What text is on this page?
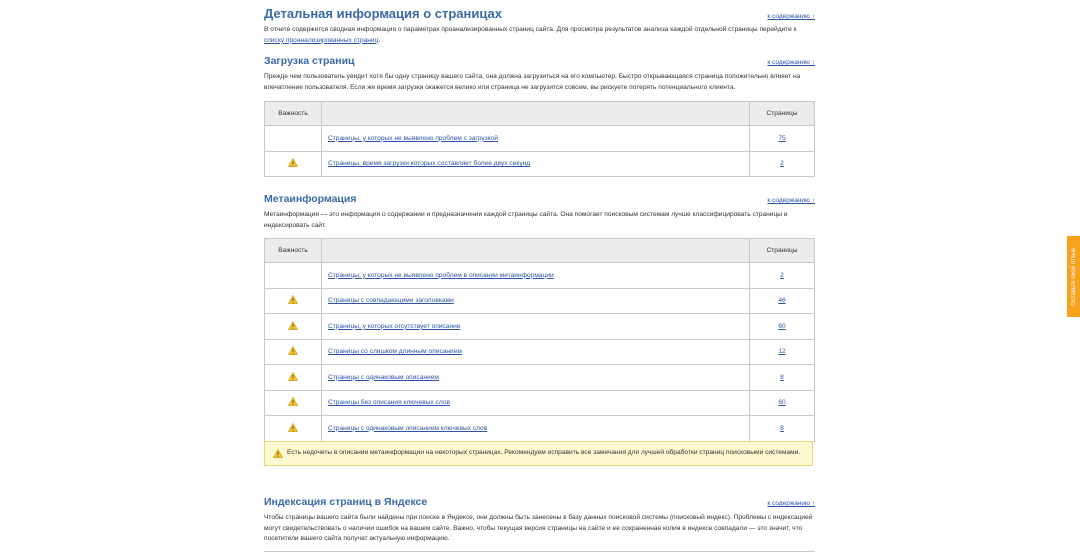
Детальная информация о страницах	к содержанию ↑

В отчете содержится сводная информация о параметрах проанализированных страниц сайта. Для просмотра результатов анализа каждой отдельной страницы перейдите к списку проанализированных страниц.

Загрузка страниц	к содержанию ↑

Прежде чем пользователь увидит хотя бы одну страницу вашего сайта, она должна загрузиться на его компьютер. Быстро открывающаяся страница положительно влияет на впечатление пользователя. Если же время загрузки окажется велико или страница не загрузится совсем, вы рискуете потерять потенциального клиента.

Важность		Страницы
	Страницы, у которых не выявлено проблем с загрузкой	75
	Страницы, время загрузки которых составляет более двух секунд	2
Метаинформация	к содержанию ↑

Метаинформация — это информация о содержании и предназначении каждой страницы сайта. Она помогает поисковым системам лучше классифицировать страницы и индексировать сайт.

Важность		Страницы
	Страницы, у которых не выявлено проблем в описании метаинформации	2
	Страницы с совпадающими заголовками	46
	Страницы, у которых отсутствует описание	60
	Страницы со слишком длинным описанием	12
	Страницы с одинаковым описанием	8
	Страницы без описания ключевых слов	60
	Страницы с одинаковым описанием ключевых слов	8
Есть недочеты в описании метаинформации на некоторых страницах. Рекомендуем исправить все замечания для лучшей обработки страниц поисковыми системами.
Индексация страниц в Яндексе	к содержанию ↑

Чтобы страницы вашего сайта были найдены при поиске в Яндексе, они должны быть занесены в базу данных поисковой системы (поисковый индекс). Проблемы с индексацией могут свидетельствовать о наличии ошибок на вашем сайте. Важно, чтобы текущая версия страницы на сайте и ее сохраненная копия в индексе совпадали — это значит, что посетители вашего сайта получат актуальную информацию.

Оставьте свой отзыв
